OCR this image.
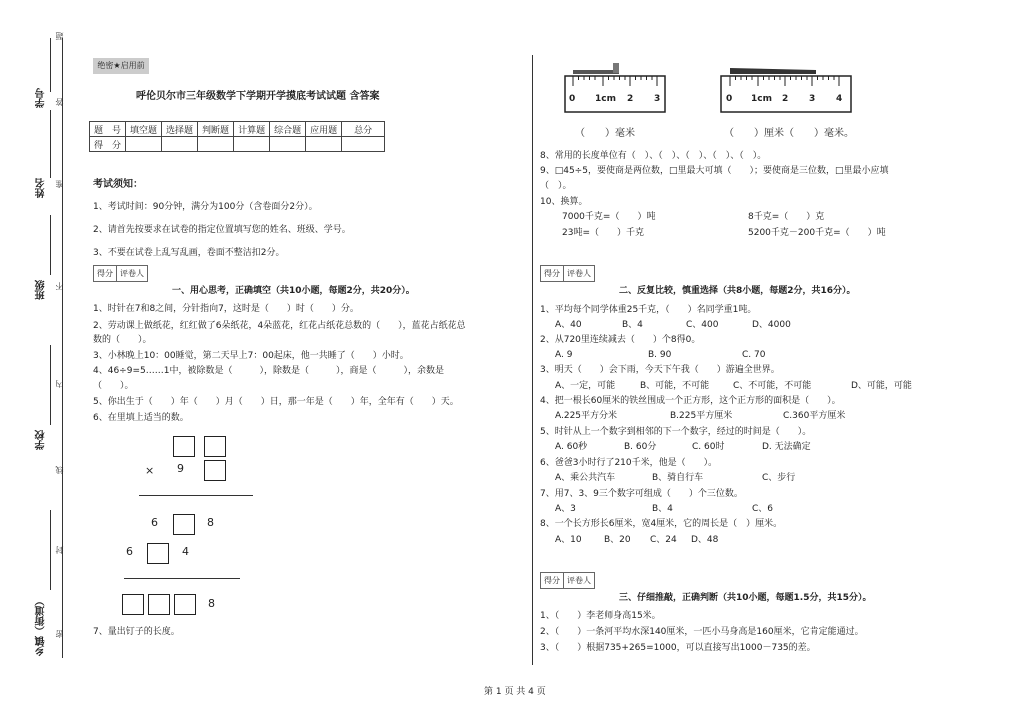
学号
姓名
班级
学校
乡镇（街道）
题
答
准
不
内
线
封
密
绝密★启用前
呼伦贝尔市三年级数学下学期开学摸底考试试题 含答案
题　号	填空题	选择题	判断题	计算题	综合题	应用题	总分
得　分							
考试须知：
1、考试时间：90分钟，满分为100分（含卷面分2分）。
2、请首先按要求在试卷的指定位置填写您的姓名、班级、学号。
3、不要在试卷上乱写乱画，卷面不整洁扣2分。
得分 评卷人
一、用心思考，正确填空（共10小题，每题2分，共20分）。
1、时针在7和8之间，分针指向7，这时是（　　）时（　　）分。
2、劳动课上做纸花，红红做了6朵纸花，4朵蓝花，红花占纸花总数的（　　），蓝花占纸花总
数的（　　）。
3、小林晚上10：00睡觉，第二天早上7：00起床，他一共睡了（　　）小时。
4、46÷9=5……1中，被除数是（　　　），除数是（　　　），商是（　　　），余数是
（　　）。
5、你出生于（　　）年（　　）月（　　）日，那一年是（　　）年，全年有（　　）天。
6、在里填上适当的数。
× 9
6	8
6	4
8
7、量出钉子的长度。
0 1cm 2 3	0 1cm 2 3 4
（　　）毫米	（　　）厘米（　　）毫米。
8、常用的长度单位有（　）、（　）、（　）、（　）、（　）。
9、□45÷5，要使商是两位数，□里最大可填（　　）；要使商是三位数，□里最小应填
（　）。
10、换算。
7000千克=（　　）吨	8千克=（　　）克
23吨=（　　）千克	5200千克－200千克=（　　）吨
得分 评卷人
二、反复比较，慎重选择（共8小题，每题2分，共16分）。
1、平均每个同学体重25千克，（　　）名同学重1吨。
A、40	B、4	C、400	D、4000
2、从720里连续减去（　　）个8得0。
A. 9	B. 90	C. 70
3、明天（　　）会下雨，今天下午我（　　）游遍全世界。
A、一定，可能	B、可能，不可能	C、不可能，不可能	D、可能，可能
4、把一根长60厘米的铁丝围成一个正方形，这个正方形的面积是（　　）。
A.225平方分米	B.225平方厘米	C.360平方厘米
5、时针从上一个数字到相邻的下一个数字，经过的时间是（　　）。
A. 60秒	B. 60分	C. 60时	D. 无法确定
6、爸爸3小时行了210千米，他是（　　）。
A、乘公共汽车	B、骑自行车	C、步行
7、用7、3、9三个数字可组成（　　）个三位数。
A、3	B、4	C、6
8、一个长方形长6厘米，宽4厘米，它的周长是（　）厘米。
A、10 B、20 C、24 D、48
得分 评卷人
三、仔细推敲，正确判断（共10小题，每题1.5分，共15分）。
1、（　　）李老师身高15米。
2、（　　）一条河平均水深140厘米，一匹小马身高是160厘米，它肯定能通过。
3、（　　）根据735+265=1000，可以直接写出1000－735的差。
第 1 页 共 4 页
